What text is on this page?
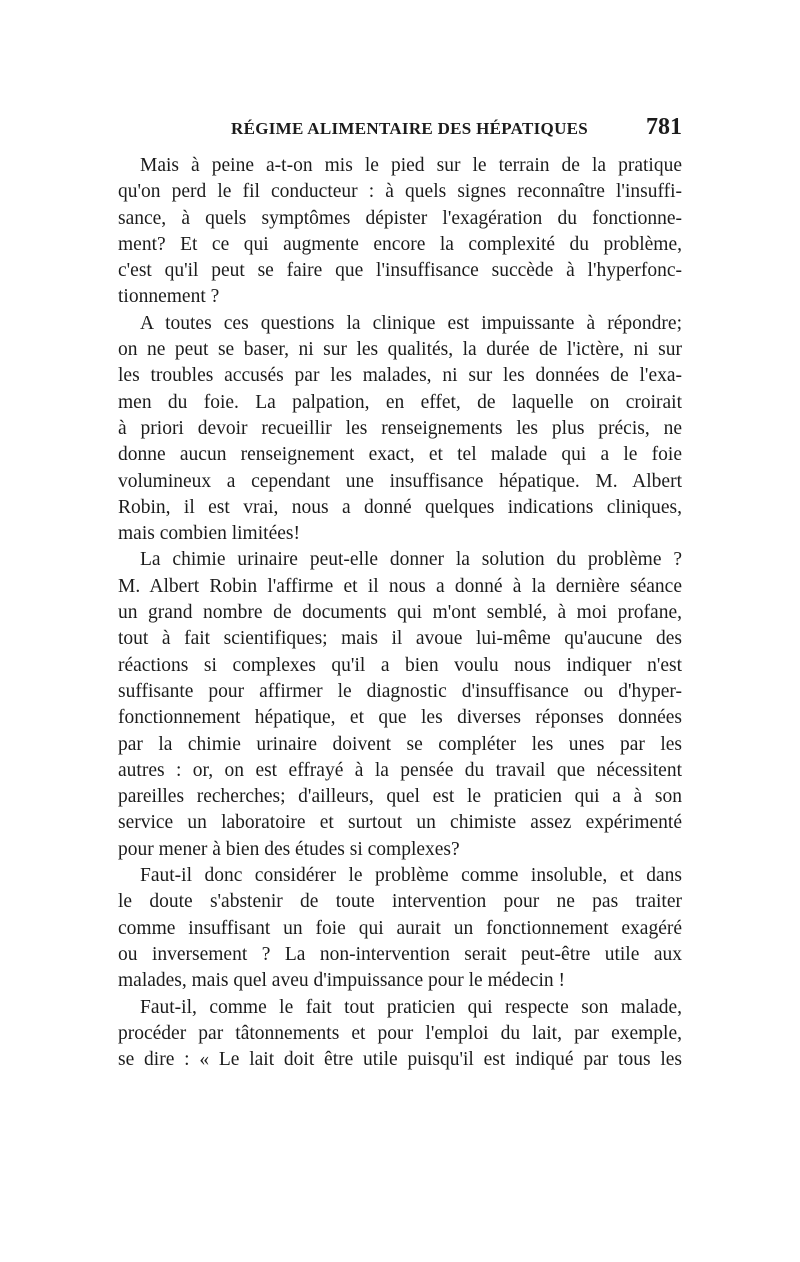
RÉGIME ALIMENTAIRE DES HÉPATIQUES 781
Mais à peine a-t-on mis le pied sur le terrain de la pratique
qu'on perd le fil conducteur : à quels signes reconnaître l'insuffi-
sance, à quels symptômes dépister l'exagération du fonctionne-
ment? Et ce qui augmente encore la complexité du problème,
c'est qu'il peut se faire que l'insuffisance succède à l'hyperfonc-
tionnement ?
A toutes ces questions la clinique est impuissante à répondre;
on ne peut se baser, ni sur les qualités, la durée de l'ictère, ni sur
les troubles accusés par les malades, ni sur les données de l'exa-
men du foie. La palpation, en effet, de laquelle on croirait
à priori devoir recueillir les renseignements les plus précis, ne
donne aucun renseignement exact, et tel malade qui a le foie
volumineux a cependant une insuffisance hépatique. M. Albert
Robin, il est vrai, nous a donné quelques indications cliniques,
mais combien limitées!
La chimie urinaire peut-elle donner la solution du problème ?
M. Albert Robin l'affirme et il nous a donné à la dernière séance
un grand nombre de documents qui m'ont semblé, à moi profane,
tout à fait scientifiques; mais il avoue lui-même qu'aucune des
réactions si complexes qu'il a bien voulu nous indiquer n'est
suffisante pour affirmer le diagnostic d'insuffisance ou d'hyper-
fonctionnement hépatique, et que les diverses réponses données
par la chimie urinaire doivent se compléter les unes par les
autres : or, on est effrayé à la pensée du travail que nécessitent
pareilles recherches; d'ailleurs, quel est le praticien qui a à son
service un laboratoire et surtout un chimiste assez expérimenté
pour mener à bien des études si complexes?
Faut-il donc considérer le problème comme insoluble, et dans
le doute s'abstenir de toute intervention pour ne pas traiter
comme insuffisant un foie qui aurait un fonctionnement exagéré
ou inversement ? La non-intervention serait peut-être utile aux
malades, mais quel aveu d'impuissance pour le médecin !
Faut-il, comme le fait tout praticien qui respecte son malade,
procéder par tâtonnements et pour l'emploi du lait, par exemple,
se dire : « Le lait doit être utile puisqu'il est indiqué par tous les
